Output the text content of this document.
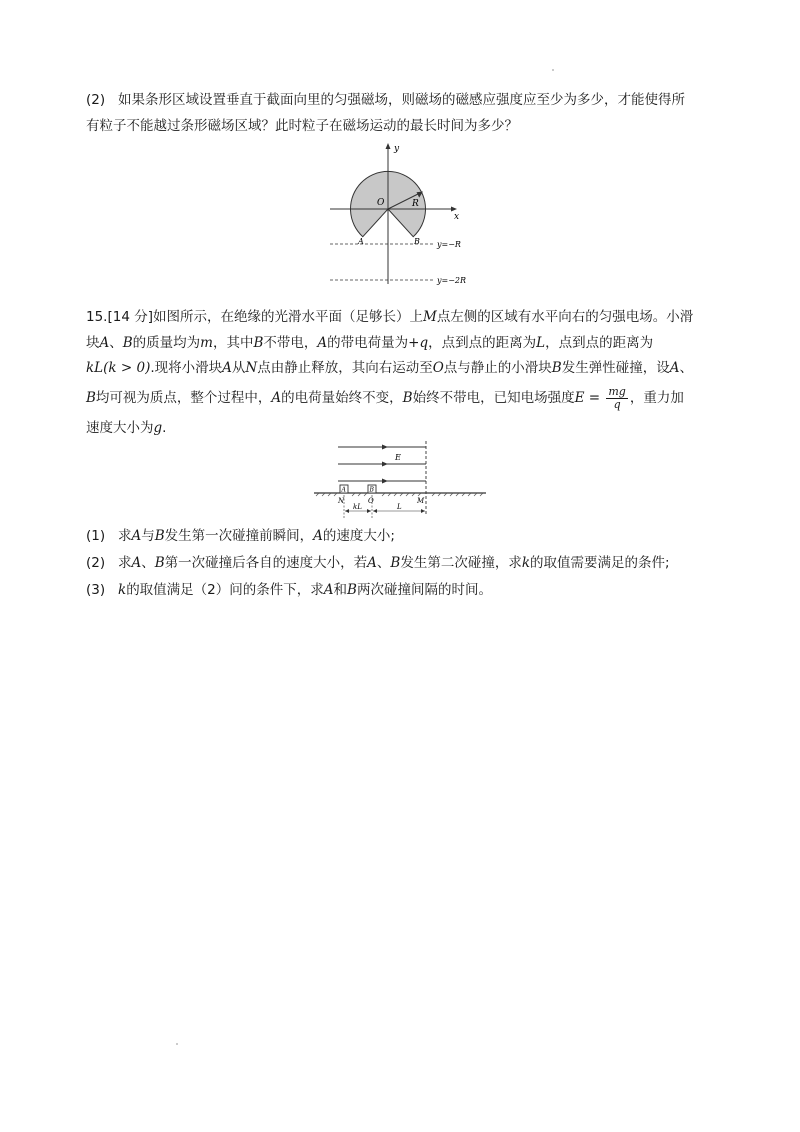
(2) 如果条形区域设置垂直于截面向里的匀强磁场，则磁场的磁感应强度应至少为多少，才能使得所
有粒子不能越过条形磁场区域？此时粒子在磁场运动的最长时间为多少？
y
x
O	R
A	B y=−R
y=−2R
15.[14 分]如图所示，在绝缘的光滑水平面（足够长）上M点左侧的区域有水平向右的匀强电场。小滑
块A、B的质量均为m，其中B不带电，A的带电荷量为+q，点到点的距离为L，点到点的距离为
kL(k > 0).现将小滑块A从N点由静止释放，其向右运动至O点与静止的小滑块B发生弹性碰撞，设A、
B均可视为质点，整个过程中，A的电荷量始终不变，B始终不带电，已知电场强度$E = \frac{mg}{q}$ ，重力加
速度大小为g.
A	B
E
N	O	M
kL	L
(1) 求A与B发生第一次碰撞前瞬间，A的速度大小;
(2) 求A、B第一次碰撞后各自的速度大小，若A、B发生第二次碰撞，求k的取值需要满足的条件;
(3) k的取值满足（2）问的条件下，求A和B两次碰撞间隔的时间。
